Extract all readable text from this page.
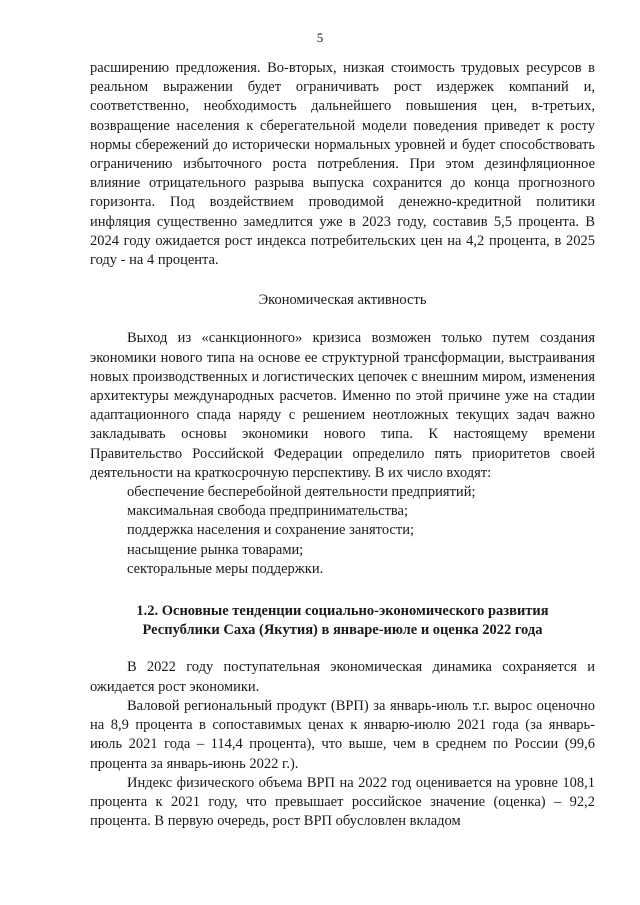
5

расширению предложения. Во-вторых, низкая стоимость трудовых ресурсов в реальном выражении будет ограничивать рост издержек компаний и, соответственно, необходимость дальнейшего повышения цен, в-третьих, возвращение населения к сберегательной модели поведения приведет к росту нормы сбережений до исторически нормальных уровней и будет способствовать ограничению избыточного роста потребления. При этом дезинфляционное влияние отрицательного разрыва выпуска сохранится до конца прогнозного горизонта. Под воздействием проводимой денежно-кредитной политики инфляция существенно замедлится уже в 2023 году, составив 5,5 процента. В 2024 году ожидается рост индекса потребительских цен на 4,2 процента, в 2025 году - на 4 процента.

Экономическая активность

Выход из «санкционного» кризиса возможен только путем создания экономики нового типа на основе ее структурной трансформации, выстраивания новых производственных и логистических цепочек с внешним миром, изменения архитектуры международных расчетов. Именно по этой причине уже на стадии адаптационного спада наряду с решением неотложных текущих задач важно закладывать основы экономики нового типа. К настоящему времени Правительство Российской Федерации определило пять приоритетов своей деятельности на краткосрочную перспективу. В их число входят:

обеспечение бесперебойной деятельности предприятий;
максимальная свобода предпринимательства;
поддержка населения и сохранение занятости;
насыщение рынка товарами;
секторальные меры поддержки.
1.2. Основные тенденции социально-экономического развития
Республики Саха (Якутия) в январе-июле и оценка 2022 года

В 2022 году поступательная экономическая динамика сохраняется и ожидается рост экономики.

Валовой региональный продукт (ВРП) за январь-июль т.г. вырос оценочно на 8,9 процента в сопоставимых ценах к январю-июлю 2021 года (за январь-июль 2021 года – 114,4 процента), что выше, чем в среднем по России (99,6 процента за январь-июнь 2022 г.).

Индекс физического объема ВРП на 2022 год оценивается на уровне 108,1 процента к 2021 году, что превышает российское значение (оценка) – 92,2 процента. В первую очередь, рост ВРП обусловлен вкладом
